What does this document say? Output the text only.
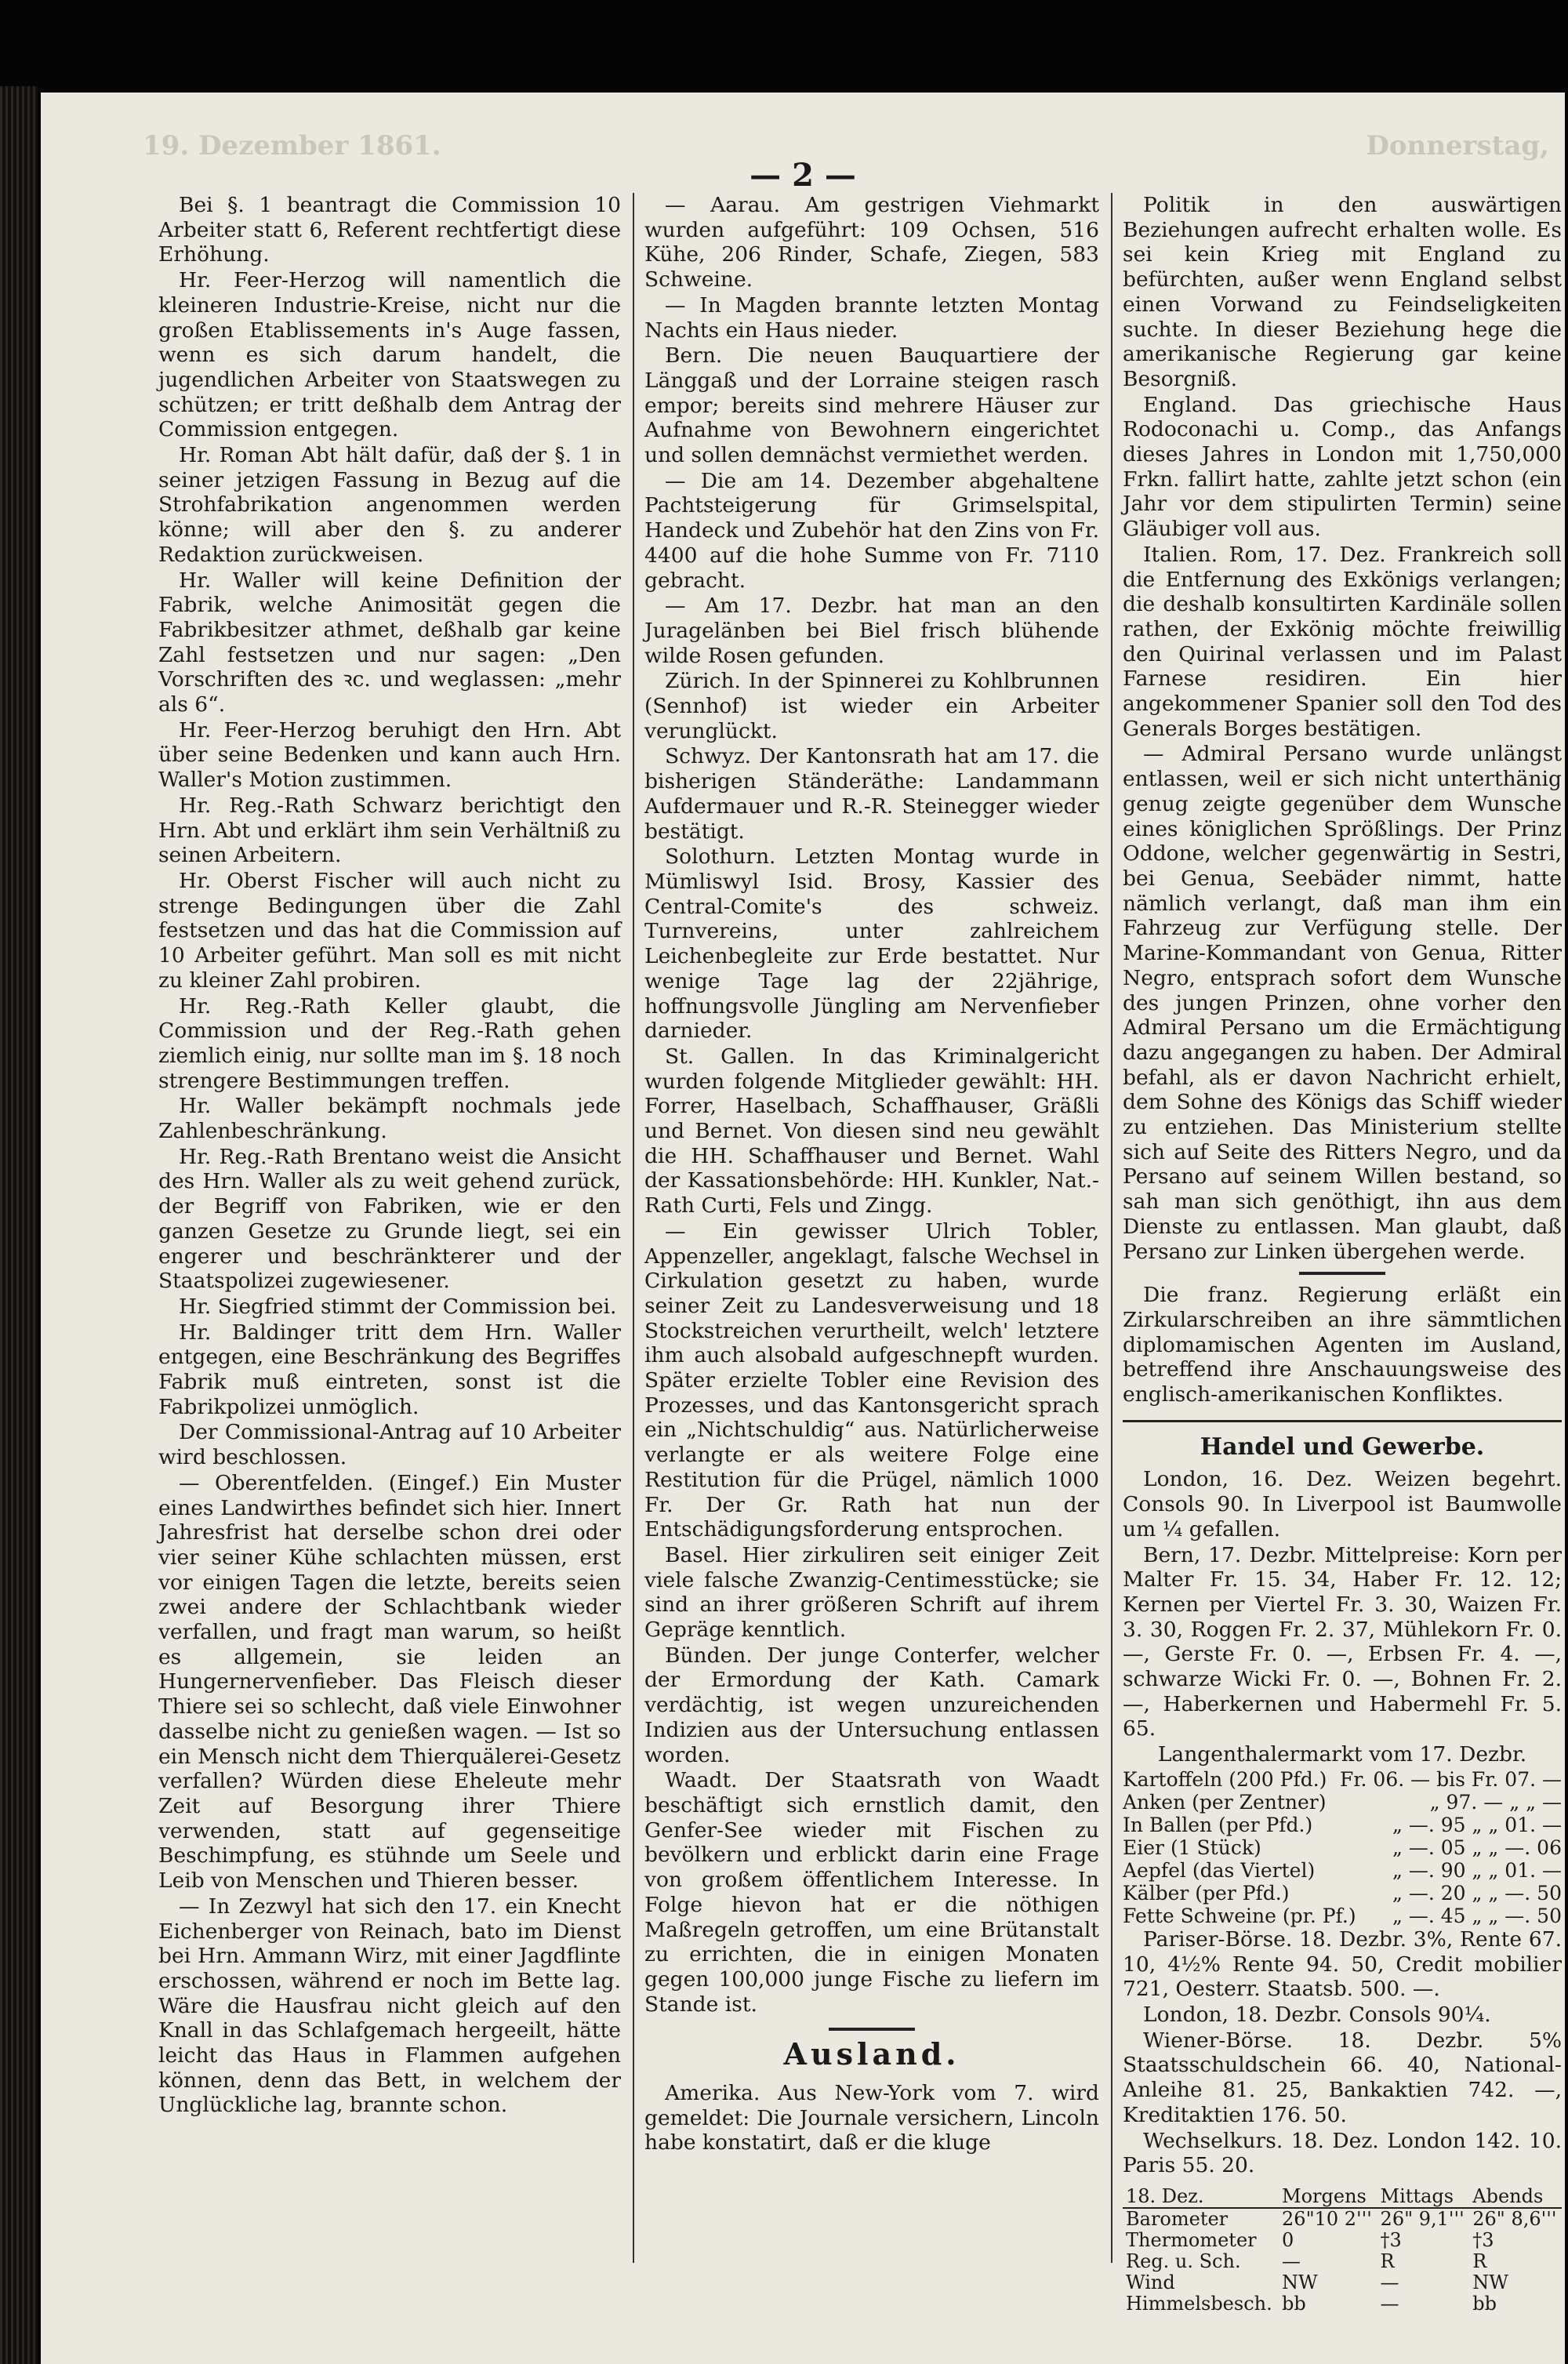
19. Dezember 1861.	Donnerstag,
— 2 —

Bei §. 1 beantragt die Commission 10 Arbeiter statt 6, Referent rechtfertigt diese Erhöhung.

Hr. Feer-Herzog will namentlich die kleineren Industrie-Kreise, nicht nur die großen Etablissements in's Auge fassen, wenn es sich darum handelt, die jugendlichen Arbeiter von Staatswegen zu schützen; er tritt deßhalb dem Antrag der Commission entgegen.

Hr. Roman Abt hält dafür, daß der §. 1 in seiner jetzigen Fassung in Bezug auf die Strohfabrikation angenommen werden könne; will aber den §. zu anderer Redaktion zurückweisen.

Hr. Waller will keine Definition der Fabrik, welche Animosität gegen die Fabrikbesitzer athmet, deßhalb gar keine Zahl festsetzen und nur sagen: „Den Vorschriften des ꝛc. und weglassen: „mehr als 6“.

Hr. Feer-Herzog beruhigt den Hrn. Abt über seine Bedenken und kann auch Hrn. Waller's Motion zustimmen.

Hr. Reg.-Rath Schwarz berichtigt den Hrn. Abt und erklärt ihm sein Verhältniß zu seinen Arbeitern.

Hr. Oberst Fischer will auch nicht zu strenge Bedingungen über die Zahl festsetzen und das hat die Commission auf 10 Arbeiter geführt. Man soll es mit nicht zu kleiner Zahl probiren.

Hr. Reg.-Rath Keller glaubt, die Commission und der Reg.-Rath gehen ziemlich einig, nur sollte man im §. 18 noch strengere Bestimmungen treffen.

Hr. Waller bekämpft nochmals jede Zahlenbeschränkung.

Hr. Reg.-Rath Brentano weist die Ansicht des Hrn. Waller als zu weit gehend zurück, der Begriff von Fabriken, wie er den ganzen Gesetze zu Grunde liegt, sei ein engerer und beschränkterer und der Staatspolizei zugewiesener.

Hr. Siegfried stimmt der Commission bei.

Hr. Baldinger tritt dem Hrn. Waller entgegen, eine Beschränkung des Begriffes Fabrik muß eintreten, sonst ist die Fabrikpolizei unmöglich.

Der Commissional-Antrag auf 10 Arbeiter wird beschlossen.

— Oberentfelden. (Eingef.) Ein Muster eines Landwirthes befindet sich hier. Innert Jahresfrist hat derselbe schon drei oder vier seiner Kühe schlachten müssen, erst vor einigen Tagen die letzte, bereits seien zwei andere der Schlachtbank wieder verfallen, und fragt man warum, so heißt es allgemein, sie leiden an Hungernervenfieber. Das Fleisch dieser Thiere sei so schlecht, daß viele Einwohner dasselbe nicht zu genießen wagen. — Ist so ein Mensch nicht dem Thierquälerei-Gesetz verfallen? Würden diese Eheleute mehr Zeit auf Besorgung ihrer Thiere verwenden, statt auf gegenseitige Beschimpfung, es stühnde um Seele und Leib von Menschen und Thieren besser.

— In Zezwyl hat sich den 17. ein Knecht Eichenberger von Reinach, bato im Dienst bei Hrn. Ammann Wirz, mit einer Jagdflinte erschossen, während er noch im Bette lag. Wäre die Hausfrau nicht gleich auf den Knall in das Schlafgemach hergeeilt, hätte leicht das Haus in Flammen aufgehen können, denn das Bett, in welchem der Unglückliche lag, brannte schon.

— Aarau. Am gestrigen Viehmarkt wurden aufgeführt: 109 Ochsen, 516 Kühe, 206 Rinder, Schafe, Ziegen, 583 Schweine.

— In Magden brannte letzten Montag Nachts ein Haus nieder.

Bern. Die neuen Bauquartiere der Länggaß und der Lorraine steigen rasch empor; bereits sind mehrere Häuser zur Aufnahme von Bewohnern eingerichtet und sollen demnächst vermiethet werden.

— Die am 14. Dezember abgehaltene Pachtsteigerung für Grimselspital, Handeck und Zubehör hat den Zins von Fr. 4400 auf die hohe Summe von Fr. 7110 gebracht.

— Am 17. Dezbr. hat man an den Juragelänben bei Biel frisch blühende wilde Rosen gefunden.

Zürich. In der Spinnerei zu Kohlbrunnen (Sennhof) ist wieder ein Arbeiter verunglückt.

Schwyz. Der Kantonsrath hat am 17. die bisherigen Ständeräthe: Landammann Aufdermauer und R.-R. Steinegger wieder bestätigt.

Solothurn. Letzten Montag wurde in Mümliswyl Isid. Brosy, Kassier des Central-Comite's des schweiz. Turnvereins, unter zahlreichem Leichenbegleite zur Erde bestattet. Nur wenige Tage lag der 22jährige, hoffnungsvolle Jüngling am Nervenfieber darnieder.

St. Gallen. In das Kriminalgericht wurden folgende Mitglieder gewählt: HH. Forrer, Haselbach, Schaffhauser, Gräßli und Bernet. Von diesen sind neu gewählt die HH. Schaffhauser und Bernet. Wahl der Kassationsbehörde: HH. Kunkler, Nat.-Rath Curti, Fels und Zingg.

— Ein gewisser Ulrich Tobler, Appenzeller, angeklagt, falsche Wechsel in Cirkulation gesetzt zu haben, wurde seiner Zeit zu Landesverweisung und 18 Stockstreichen verurtheilt, welch' letztere ihm auch alsobald aufgeschnepft wurden. Später erzielte Tobler eine Revision des Prozesses, und das Kantonsgericht sprach ein „Nichtschuldig“ aus. Natürlicherweise verlangte er als weitere Folge eine Restitution für die Prügel, nämlich 1000 Fr. Der Gr. Rath hat nun der Entschädigungsforderung entsprochen.

Basel. Hier zirkuliren seit einiger Zeit viele falsche Zwanzig-Centimesstücke; sie sind an ihrer größeren Schrift auf ihrem Gepräge kenntlich.

Bünden. Der junge Conterfer, welcher der Ermordung der Kath. Camark verdächtig, ist wegen unzureichenden Indizien aus der Untersuchung entlassen worden.

Waadt. Der Staatsrath von Waadt beschäftigt sich ernstlich damit, den Genfer-See wieder mit Fischen zu bevölkern und erblickt darin eine Frage von großem öffentlichem Interesse. In Folge hievon hat er die nöthigen Maßregeln getroffen, um eine Brütanstalt zu errichten, die in einigen Monaten gegen 100,000 junge Fische zu liefern im Stande ist.

Ausland.

Amerika. Aus New-York vom 7. wird gemeldet: Die Journale versichern, Lincoln habe konstatirt, daß er die kluge

Politik in den auswärtigen Beziehungen aufrecht erhalten wolle. Es sei kein Krieg mit England zu befürchten, außer wenn England selbst einen Vorwand zu Feindseligkeiten suchte. In dieser Beziehung hege die amerikanische Regierung gar keine Besorgniß.

England. Das griechische Haus Rodoconachi u. Comp., das Anfangs dieses Jahres in London mit 1,750,000 Frkn. fallirt hatte, zahlte jetzt schon (ein Jahr vor dem stipulirten Termin) seine Gläubiger voll aus.

Italien. Rom, 17. Dez. Frankreich soll die Entfernung des Exkönigs verlangen; die deshalb konsultirten Kardinäle sollen rathen, der Exkönig möchte freiwillig den Quirinal verlassen und im Palast Farnese residiren. Ein hier angekommener Spanier soll den Tod des Generals Borges bestätigen.

— Admiral Persano wurde unlängst entlassen, weil er sich nicht unterthänig genug zeigte gegenüber dem Wunsche eines königlichen Sprößlings. Der Prinz Oddone, welcher gegenwärtig in Sestri, bei Genua, Seebäder nimmt, hatte nämlich verlangt, daß man ihm ein Fahrzeug zur Verfügung stelle. Der Marine-Kommandant von Genua, Ritter Negro, entsprach sofort dem Wunsche des jungen Prinzen, ohne vorher den Admiral Persano um die Ermächtigung dazu angegangen zu haben. Der Admiral befahl, als er davon Nachricht erhielt, dem Sohne des Königs das Schiff wieder zu entziehen. Das Ministerium stellte sich auf Seite des Ritters Negro, und da Persano auf seinem Willen bestand, so sah man sich genöthigt, ihn aus dem Dienste zu entlassen. Man glaubt, daß Persano zur Linken übergehen werde.

Die franz. Regierung erläßt ein Zirkularschreiben an ihre sämmtlichen diplomamischen Agenten im Ausland, betreffend ihre Anschauungsweise des englisch-amerikanischen Konfliktes.

Handel und Gewerbe.

London, 16. Dez. Weizen begehrt. Consols 90. In Liverpool ist Baumwolle um ¼ gefallen.

Bern, 17. Dezbr. Mittelpreise: Korn per Malter Fr. 15. 34, Haber Fr. 12. 12; Kernen per Viertel Fr. 3. 30, Waizen Fr. 3. 30, Roggen Fr. 2. 37, Mühlekorn Fr. 0. —, Gerste Fr. 0. —, Erbsen Fr. 4. —, schwarze Wicki Fr. 0. —, Bohnen Fr. 2. —, Haberkernen und Habermehl Fr. 5. 65.

Langenthalermarkt vom 17. Dezbr.

Kartoffeln (200 Pfd.) Fr. 06. — bis Fr. 07. —
Anken (per Zentner)	„ 97. — „ „ —
In Ballen (per Pfd.)	„ —. 95 „ „ 01. —
Eier (1 Stück)	„ —. 05 „ „ —. 06
Aepfel (das Viertel)	„ —. 90 „ „ 01. —
Kälber (per Pfd.)	„ —. 20 „ „ —. 50
Fette Schweine (pr. Pf.)	„ —. 45 „ „ —. 50

Pariser-Börse. 18. Dezbr. 3%, Rente 67. 10, 4½% Rente 94. 50, Credit mobilier 721, Oesterr. Staatsb. 500. —.

London, 18. Dezbr. Consols 90¼.

Wiener-Börse. 18. Dezbr. 5% Staatsschuldschein 66. 40, National-Anleihe 81. 25, Bankaktien 742. —, Kreditaktien 176. 50.

Wechselkurs. 18. Dez. London 142. 10. Paris 55. 20.

18. Dez.	Morgens	Mittags	Abends
Barometer	26"10 2'''	26" 9,1'''	26" 8,6'''
Thermometer	0	†3	†3
Reg. u. Sch.	—	R	R
Wind	NW	—	NW
Himmelsbesch.	bb	—	bb
